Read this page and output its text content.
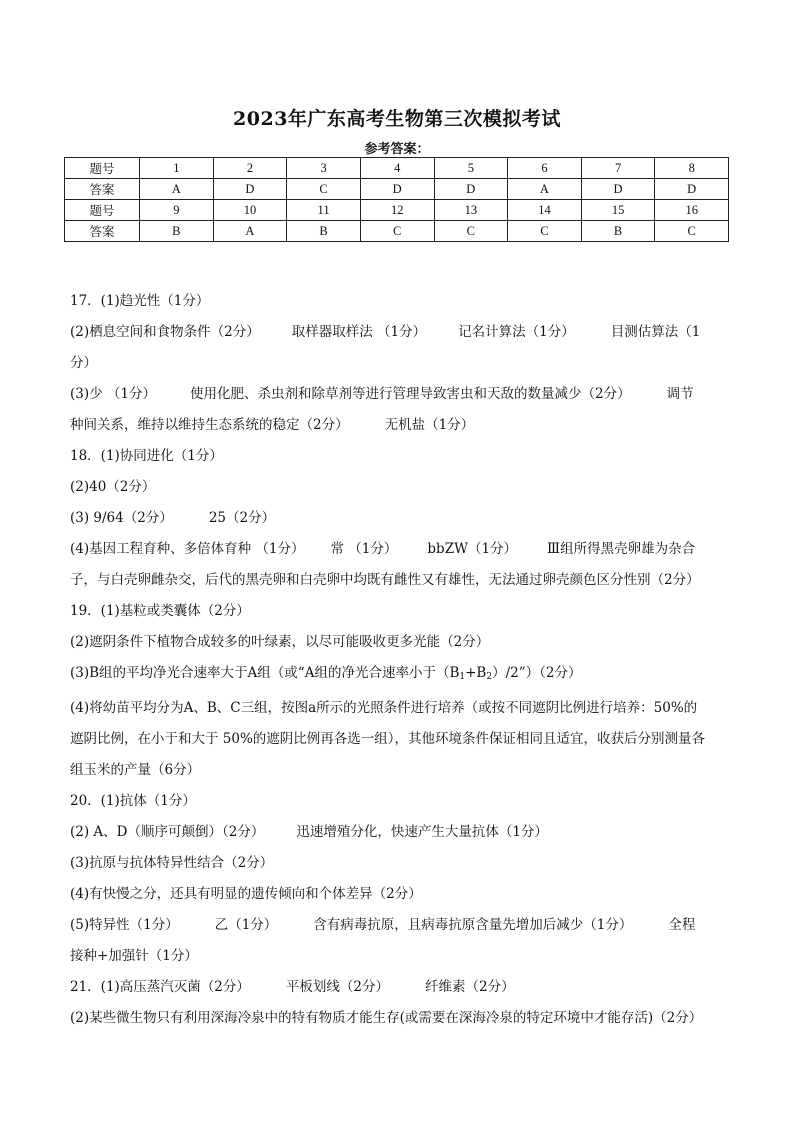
2023年广东高考生物第三次模拟考试
参考答案：
题号	1	2	3	4	5	6	7	8
答案	A	D	C	D	D	A	D	D
题号	9	10	11	12	13	14	15	16
答案	B	A	B	C	C	C	B	C
17．(1)趋光性（1分）
(2)栖息空间和食物条件（2分） 取样器取样法 （1分） 记名计算法（1分）	目测估算法（1
分）
(3)少 （1分）	使用化肥、杀虫剂和除草剂等进行管理导致害虫和天敌的数量减少（2分）	调节
种间关系，维持以维持生态系统的稳定（2分）	无机盐（1分）
18．(1)协同进化（1分）
(2)40（2分）
(3) 9/64（2分）	25（2分）
(4)基因工程育种、多倍体育种 （1分） 常 （1分） bbZW（1分） Ⅲ组所得黑壳卵雄为杂合
子，与白壳卵雌杂交，后代的黑壳卵和白壳卵中均既有雌性又有雄性，无法通过卵壳颜色区分性别（2分）
19．(1)基粒或类囊体（2分）
(2)遮阴条件下植物合成较多的叶绿素，以尽可能吸收更多光能（2分）
(3)B组的平均净光合速率大于A组（或“A组的净光合速率小于$(B_1+B_2)/2”)(2$分）
(4)将幼苗平均分为A、B、C三组，按图a所示的光照条件进行培养（或按不同遮阴比例进行培养：50%的
遮阴比例，在小于和大于 50%的遮阴比例再各选一组），其他环境条件保证相同且适宜，收获后分别测量各
组玉米的产量（6分）
20．(1)抗体（1分）
(2) A、D（顺序可颠倒）（2分） 迅速增殖分化，快速产生大量抗体（1分）
(3)抗原与抗体特异性结合（2分）
(4)有快慢之分，还具有明显的遗传倾向和个体差异（2分）
(5)特异性（1分）	乙（1分）	含有病毒抗原，且病毒抗原含量先增加后减少（1分）	全程
接种+加强针（1分）
21．(1)高压蒸汽灭菌（2分）	平板划线（2分）	纤维素（2分）
(2)某些微生物只有利用深海冷泉中的特有物质才能生存(或需要在深海冷泉的特定环境中才能存活)（2分）
